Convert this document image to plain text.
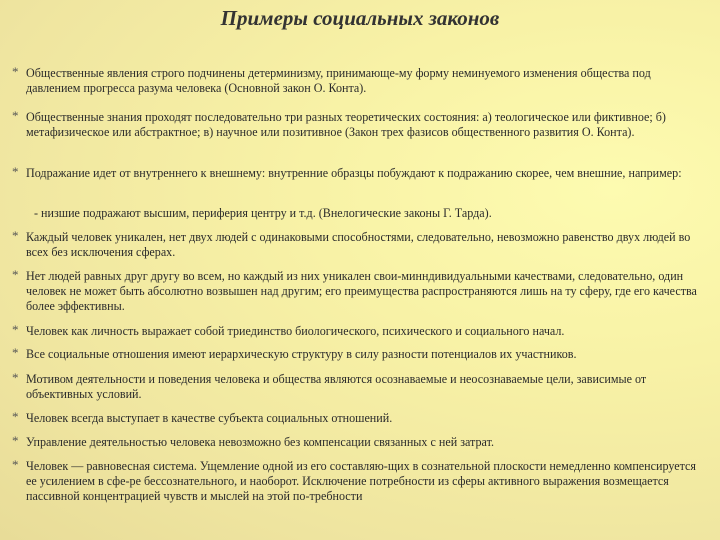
Примеры социальных законов
* Общественные явления строго подчинены детерминизму, принимающе-му форму неминуемого изменения общества под давлением прогресса разума человека (Основной закон О. Конта).
* Общественные знания проходят последовательно три разных теоретических состояния: а) теологическое или фиктивное; б) метафизическое или абстрактное; в) научное или позитивное (Закон трех фазисов общественного развития О. Конта).
* Подражание идет от внутреннего к внешнему: внутренние образцы побуждают к подражанию скорее, чем внешние, например:
- низшие подражают высшим, периферия центру и т.д. (Внелогические законы Г. Тарда).
* Каждый человек уникален, нет двух людей с одинаковыми способностями, следовательно, невозможно равенство двух людей во всех без исключения сферах.
* Нет людей равных друг другу во всем, но каждый из них уникален свои-минндивидуальными качествами, следовательно, один человек не может быть абсолютно возвышен над другим; его преимущества распространяются лишь на ту сферу, где его качества более эффективны.
* Человек как личность выражает собой триединство биологического, психического и социального начал.
* Все социальные отношения имеют иерархическую структуру в силу разности потенциалов их участников.
* Мотивом деятельности и поведения человека и общества являются осознаваемые и неосознаваемые цели, зависимые от объективных условий.
* Человек всегда выступает в качестве субъекта социальных отношений.
* Управление деятельностью человека невозможно без компенсации связанных с ней затрат.
* Человек — равновесная система. Ущемление одной из его составляю-щих в сознательной плоскости немедленно компенсируется ее усилением в сфе-ре бессознательного, и наоборот. Исключение потребности из сферы активного выражения возмещается пассивной концентрацией чувств и мыслей на этой по-требности
